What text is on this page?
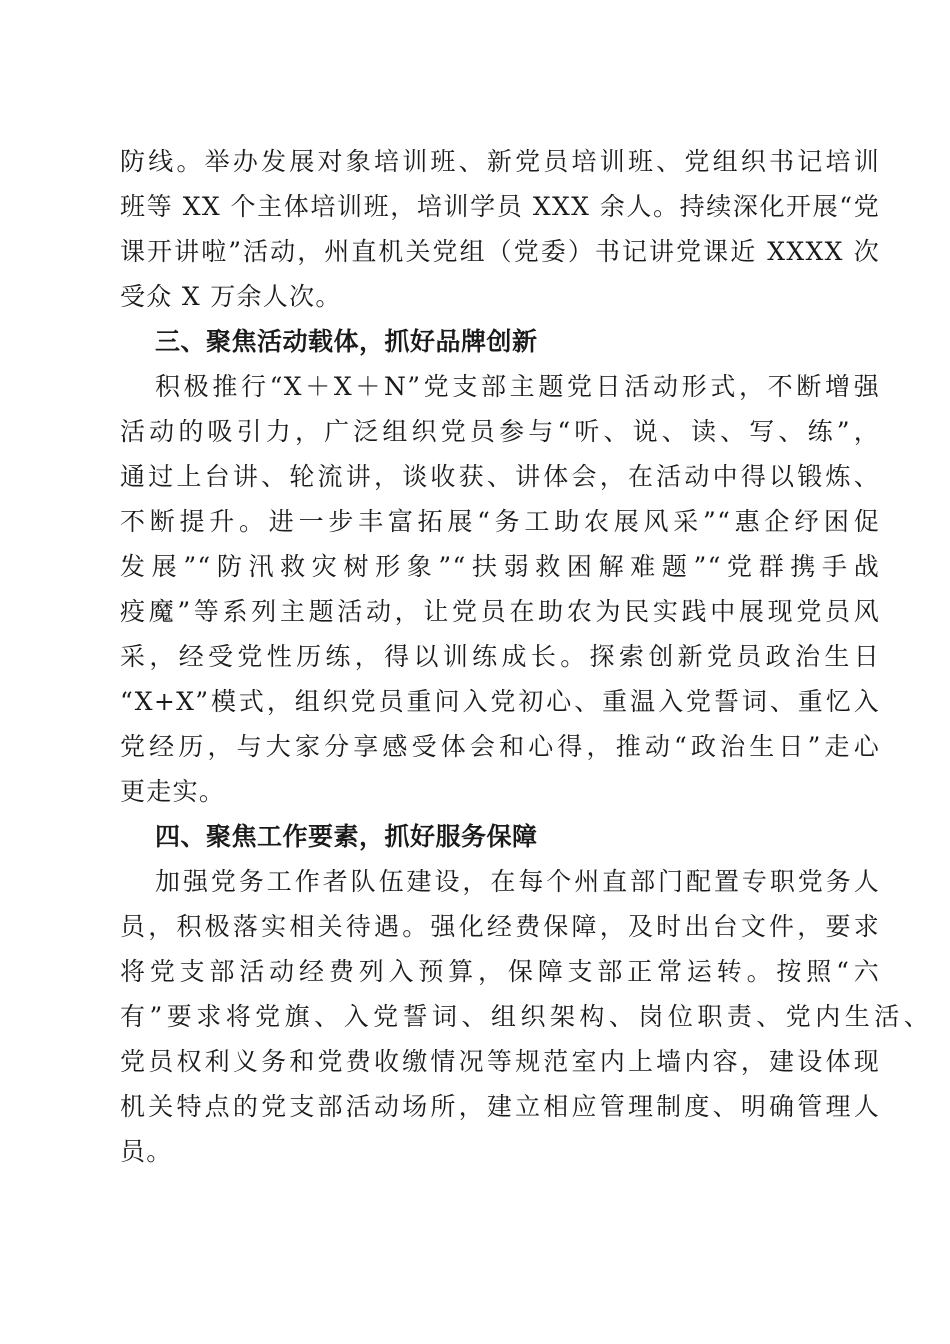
防线。举办发展对象培训班、新党员培训班、党组织书记培训
班等 XX 个主体培训班，培训学员 XXX 余人。持续深化开展“党
课开讲啦”活动，州直机关党组（党委）书记讲党课近 XXXX 次
受众 X 万余人次。
三、聚焦活动载体，抓好品牌创新
积极推行“X＋X＋N”党支部主题党日活动形式，不断增强
活动的吸引力，广泛组织党员参与“听、说、读、写、练”，
通过上台讲、轮流讲，谈收获、讲体会，在活动中得以锻炼、
不断提升。进一步丰富拓展“务工助农展风采”“惠企纾困促
发展”“防汛救灾树形象”“扶弱救困解难题”“党群携手战
疫魔”等系列主题活动，让党员在助农为民实践中展现党员风
采，经受党性历练，得以训练成长。探索创新党员政治生日
“X+X”模式，组织党员重问入党初心、重温入党誓词、重忆入
党经历，与大家分享感受体会和心得，推动“政治生日”走心
更走实。
四、聚焦工作要素，抓好服务保障
加强党务工作者队伍建设，在每个州直部门配置专职党务人
员，积极落实相关待遇。强化经费保障，及时出台文件，要求
将党支部活动经费列入预算，保障支部正常运转。按照“六
有”要求将党旗、入党誓词、组织架构、岗位职责、党内生活、
党员权利义务和党费收缴情况等规范室内上墙内容，建设体现
机关特点的党支部活动场所，建立相应管理制度、明确管理人
员。
